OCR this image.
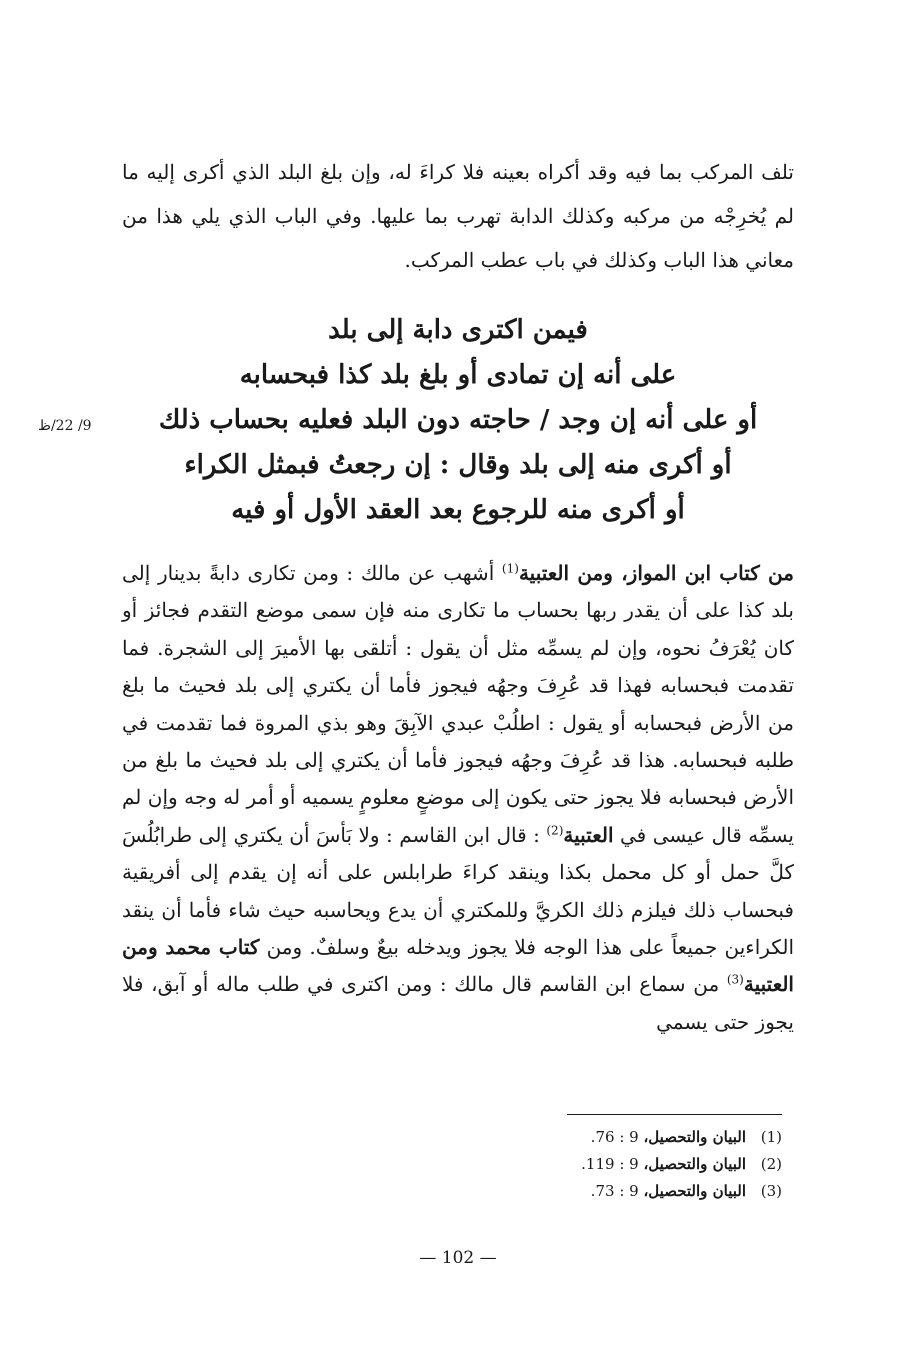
تلف المركب بما فيه وقد أكراه بعينه فلا كراءَ له، وإن بلغ البلد الذي أكرى إليه ما لم يُخرِجْه من مركبه وكذلك الدابة تهرب بما عليها. وفي الباب الذي يلي هذا من معاني هذا الباب وكذلك في باب عطب المركب.

فيمن اكترى دابة إلى بلد
على أنه إن تمادى أو بلغ بلد كذا فبحسابه
أو على أنه إن وجد / حاجته دون البلد فعليه بحساب ذلك
أو أكرى منه إلى بلد وقال : إن رجعتُ فبمثل الكراء
أو أكرى منه للرجوع بعد العقد الأول أو فيه
9/ 22/ظ

من كتاب ابن المواز، ومن العتبية$^{(1)}$ أشهب عن مالك : ومن تكارى دابةً بدينار إلى بلد كذا على أن يقدر ربها بحساب ما تكارى منه فإن سمى موضع التقدم فجائز أو كان يُعْرَفُ نحوه، وإن لم يسمِّه مثل أن يقول : أتلقى بها الأميرَ إلى الشجرة. فما تقدمت فبحسابه فهذا قد عُرِفَ وجهُه فيجوز فأما أن يكتري إلى بلد فحيث ما بلغ من الأرض فبحسابه أو يقول : اطلُبْ عبدي الآبِقَ وهو بذي المروة فما تقدمت في طلبه فبحسابه. هذا قد عُرِفَ وجهُه فيجوز فأما أن يكتري إلى بلد فحيث ما بلغ من الأرض فبحسابه فلا يجوز حتى يكون إلى موضعٍ معلومٍ يسميه أو أمر له وجه وإن لم يسمِّه قال عيسى في العتبية$^{(2)}$ : قال ابن القاسم : ولا بَأسَ أن يكتري إلى طرابُلُسَ كلَّ حمل أو كل محمل بكذا وينقد كراءَ طرابلس على أنه إن يقدم إلى أفريقية فبحساب ذلك فيلزم ذلك الكريَّ وللمكتري أن يدع ويحاسبه حيث شاء فأما أن ينقد الكراءين جميعاً على هذا الوجه فلا يجوز ويدخله بيعٌ وسلفٌ. ومن كتاب محمد ومن العتبية$^{(3)}$ من سماع ابن القاسم قال مالك : ومن اكترى في طلب ماله أو آبق، فلا يجوز حتى يسمي

(1)البيان والتحصيل، 9 : 76.
(2)البيان والتحصيل، 9 : 119.
(3)البيان والتحصيل، 9 : 73.
— 102 —
